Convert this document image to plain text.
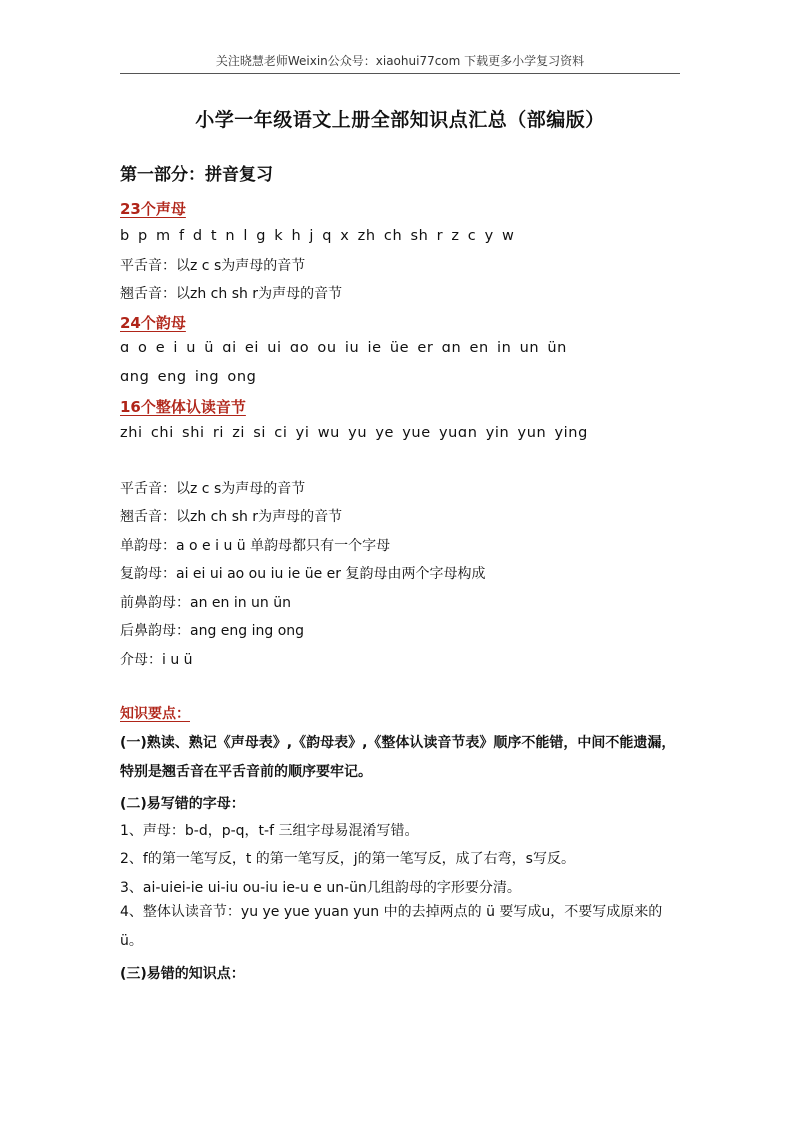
关注晓慧老师Weixin公众号：xiaohui77com 下载更多小学复习资料
小学一年级语文上册全部知识点汇总（部编版）
第一部分：拼音复习
23个声母
b p m f d t n l g k h j q x zh ch sh r z c y w
平舌音：以z c s为声母的音节
翘舌音：以zh ch sh r为声母的音节
24个韵母
ɑ o e i u ü ɑi ei ui ɑo ou iu ie üe er ɑn en in un ün
ɑng eng ing ong
16个整体认读音节
zhi chi shi ri zi si ci yi wu yu ye yue yuɑn yin yun ying
平舌音：以z c s为声母的音节
翘舌音：以zh ch sh r为声母的音节
单韵母：a o e i u ü 单韵母都只有一个字母
复韵母：ai ei ui ao ou iu ie üe er 复韵母由两个字母构成
前鼻韵母：an en in un ün
后鼻韵母：ang eng ing ong
介母：i u ü
知识要点：
(一)熟读、熟记《声母表》,《韵母表》,《整体认读音节表》顺序不能错，中间不能遗漏，特别是翘舌音在平舌音前的顺序要牢记。
(二)易写错的字母：
1、声母：b-d，p-q，t-f 三组字母易混淆写错。
2、f的第一笔写反，t 的第一笔写反，j的第一笔写反，成了右弯，s写反。
3、ai-uiei-ie ui-iu ou-iu ie-u e un-ün几组韵母的字形要分清。
4、整体认读音节：yu ye yue yuan yun 中的去掉两点的 ü 要写成u，不要写成原来的 ü。
(三)易错的知识点：
